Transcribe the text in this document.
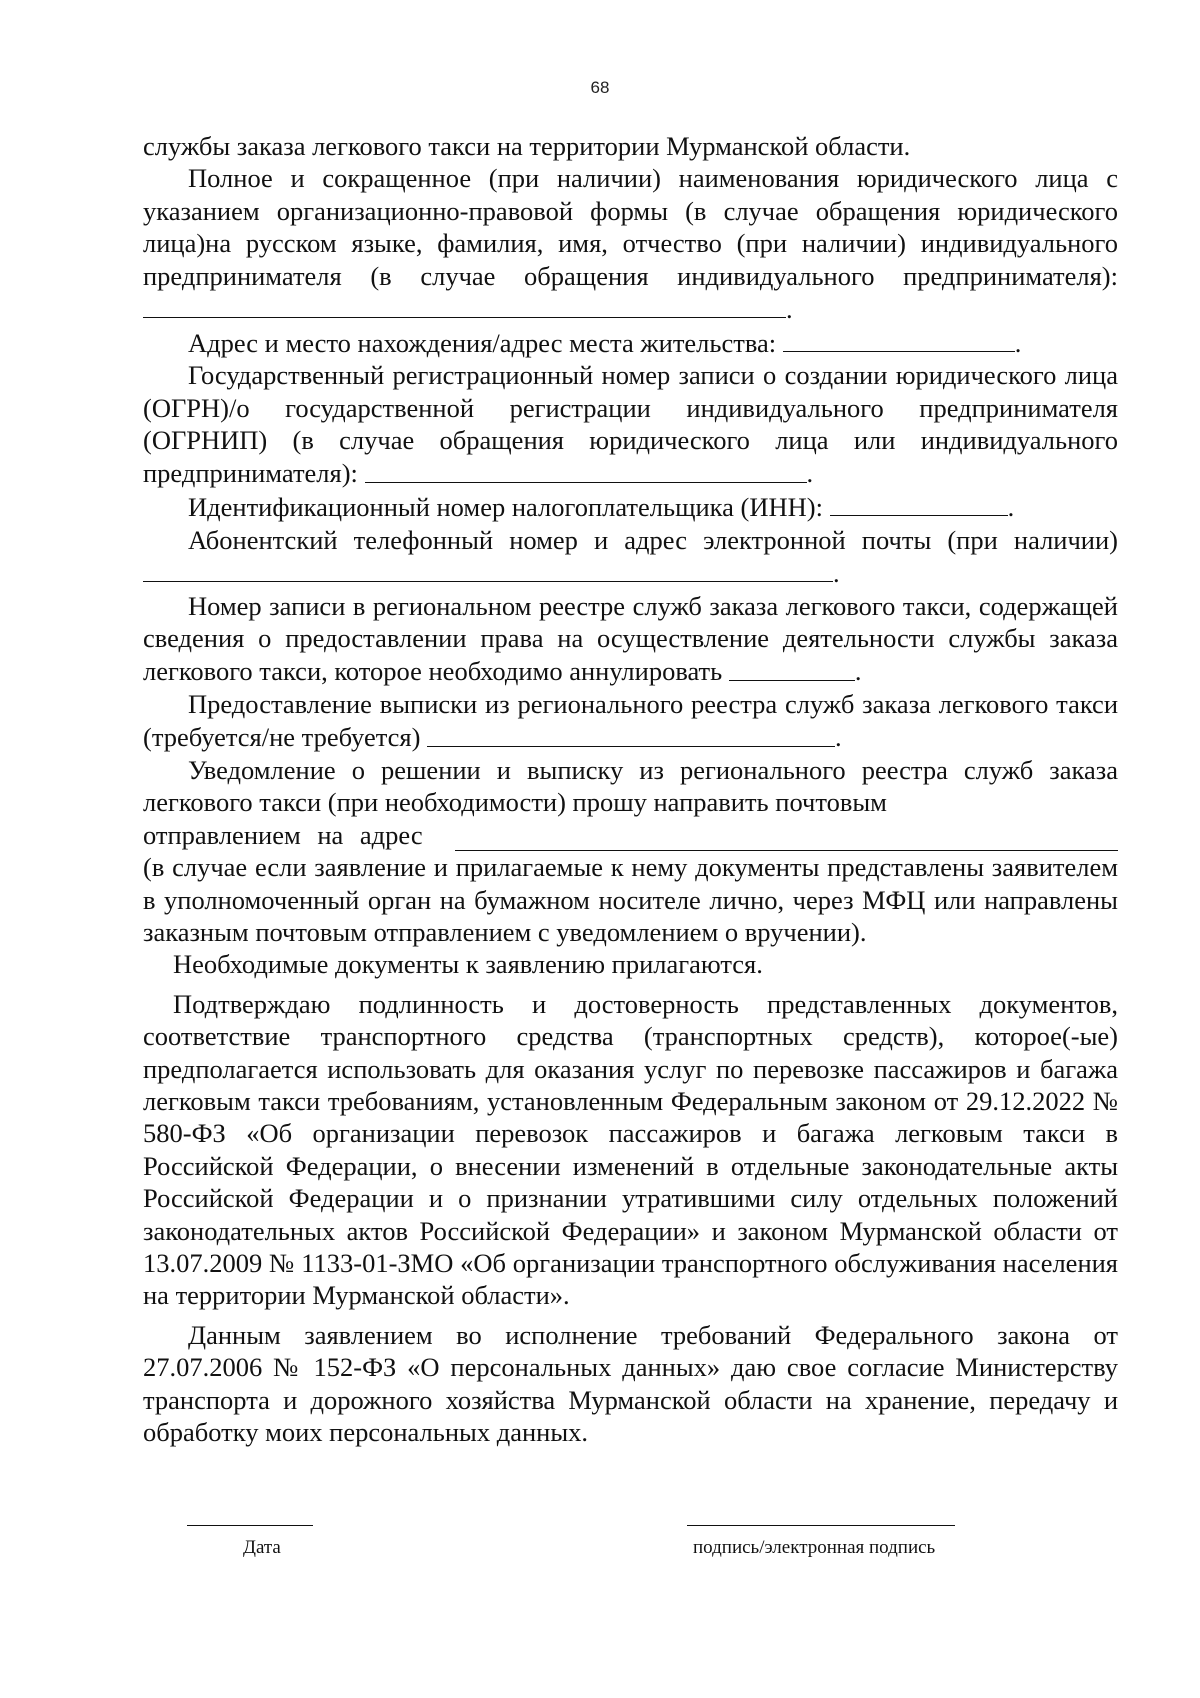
68

службы заказа легкового такси на территории Мурманской области.

Полное и сокращенное (при наличии) наименования юридического лица с указанием организационно-правовой формы (в случае обращения юридического лица)на русском языке, фамилия, имя, отчество (при наличии) индивидуального предпринимателя (в случае обращения индивидуального предпринимателя): .

Адрес и место нахождения/адрес места жительства:	.

Государственный регистрационный номер записи о создании юридического лица (ОГРН)/о государственной регистрации индивидуального предпринимателя (ОГРНИП) (в случае обращения юридического лица или индивидуального предпринимателя):	.

Идентификационный номер налогоплательщика (ИНН):	.

Абонентский телефонный номер и адрес электронной почты (при наличии).

Номер записи в региональном реестре служб заказа легкового такси, содержащей сведения о предоставлении права на осуществление деятельности службы заказа легкового такси, которое необходимо аннулировать	.

Предоставление выписки из регионального реестра служб заказа легкового такси (требуется/не требуется)	.

Уведомление о решении и выписку из регионального реестра служб заказа легкового такси (при необходимости) прошу направить почтовым

отправлением на адрес

(в случае если заявление и прилагаемые к нему документы представлены заявителем в уполномоченный орган на бумажном носителе лично, через МФЦ или направлены заказным почтовым отправлением с уведомлением о вручении).

Необходимые документы к заявлению прилагаются.

Подтверждаю подлинность и достоверность представленных документов, соответствие транспортного средства (транспортных средств), которое(-ые) предполагается использовать для оказания услуг по перевозке пассажиров и багажа легковым такси требованиям, установленным Федеральным законом от 29.12.2022 № 580-ФЗ «Об организации перевозок пассажиров и багажа легковым такси в Российской Федерации, о внесении изменений в отдельные законодательные акты Российской Федерации и о признании утратившими силу отдельных положений законодательных актов Российской Федерации» и законом Мурманской области от 13.07.2009 № 1133-01-ЗМО «Об организации транспортного обслуживания населения на территории Мурманской области».

Данным заявлением во исполнение требований Федерального закона от 27.07.2006 № 152-ФЗ «О персональных данных» даю свое согласие Министерству транспорта и дорожного хозяйства Мурманской области на хранение, передачу и обработку моих персональных данных.

Дата	подпись/электронная подпись
